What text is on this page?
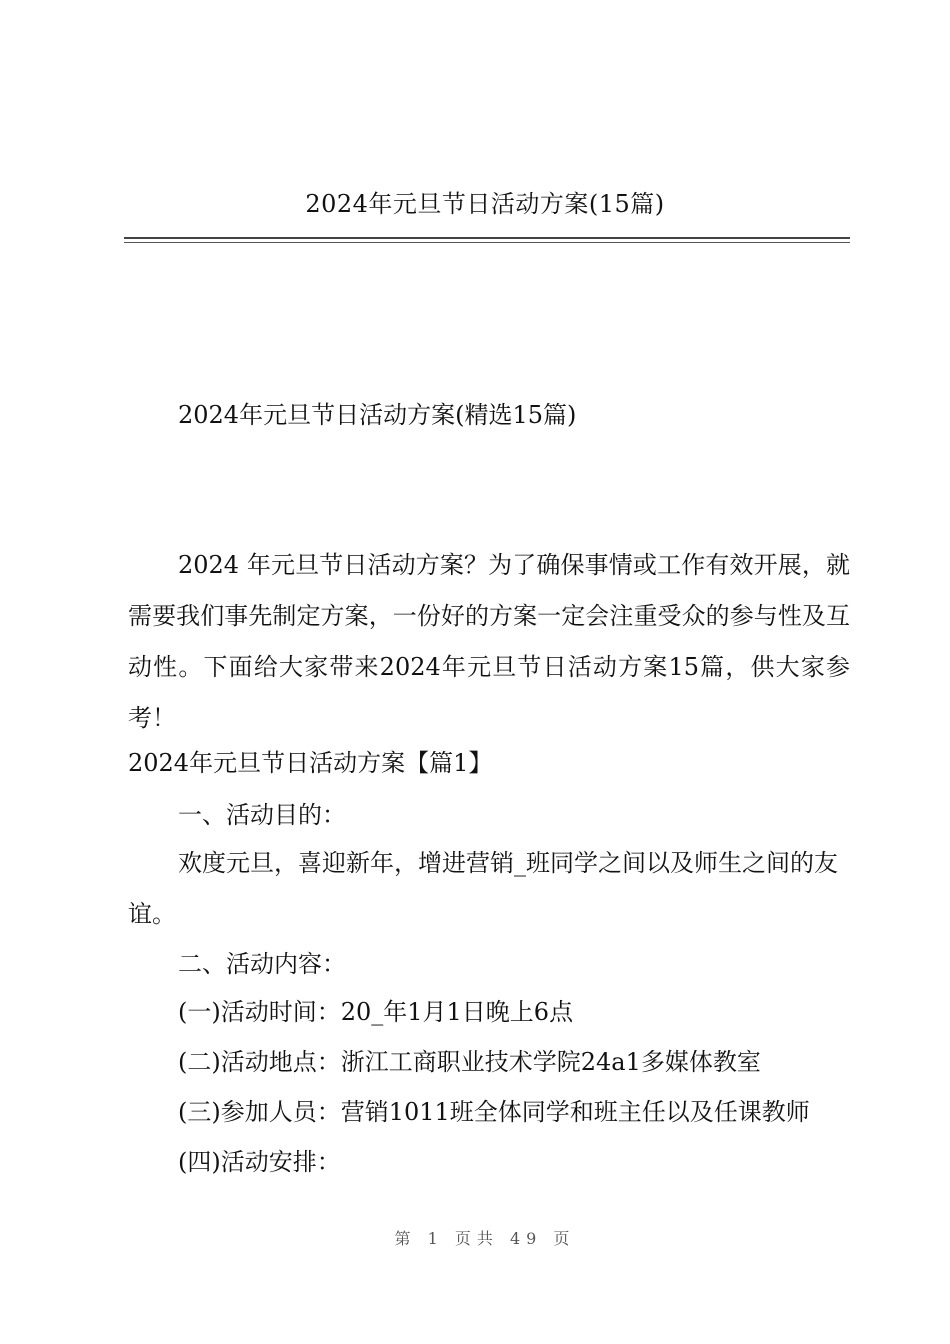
2024年元旦节日活动方案(15篇)
2024年元旦节日活动方案(精选15篇)
2024 年元旦节日活动方案？为了确保事情或工作有效开展，就需要我们事先制定方案，一份好的方案一定会注重受众的参与性及互动性。下面给大家带来2024年元旦节日活动方案15篇，供大家参考！
2024年元旦节日活动方案【篇1】
一、活动目的：
欢度元旦，喜迎新年，增进营销_班同学之间以及师生之间的友谊。
二、活动内容：
(一)活动时间：20_年1月1日晚上6点
(二)活动地点：浙江工商职业技术学院24a1多媒体教室
(三)参加人员：营销1011班全体同学和班主任以及任课教师
(四)活动安排：
第 1 页共 49 页
